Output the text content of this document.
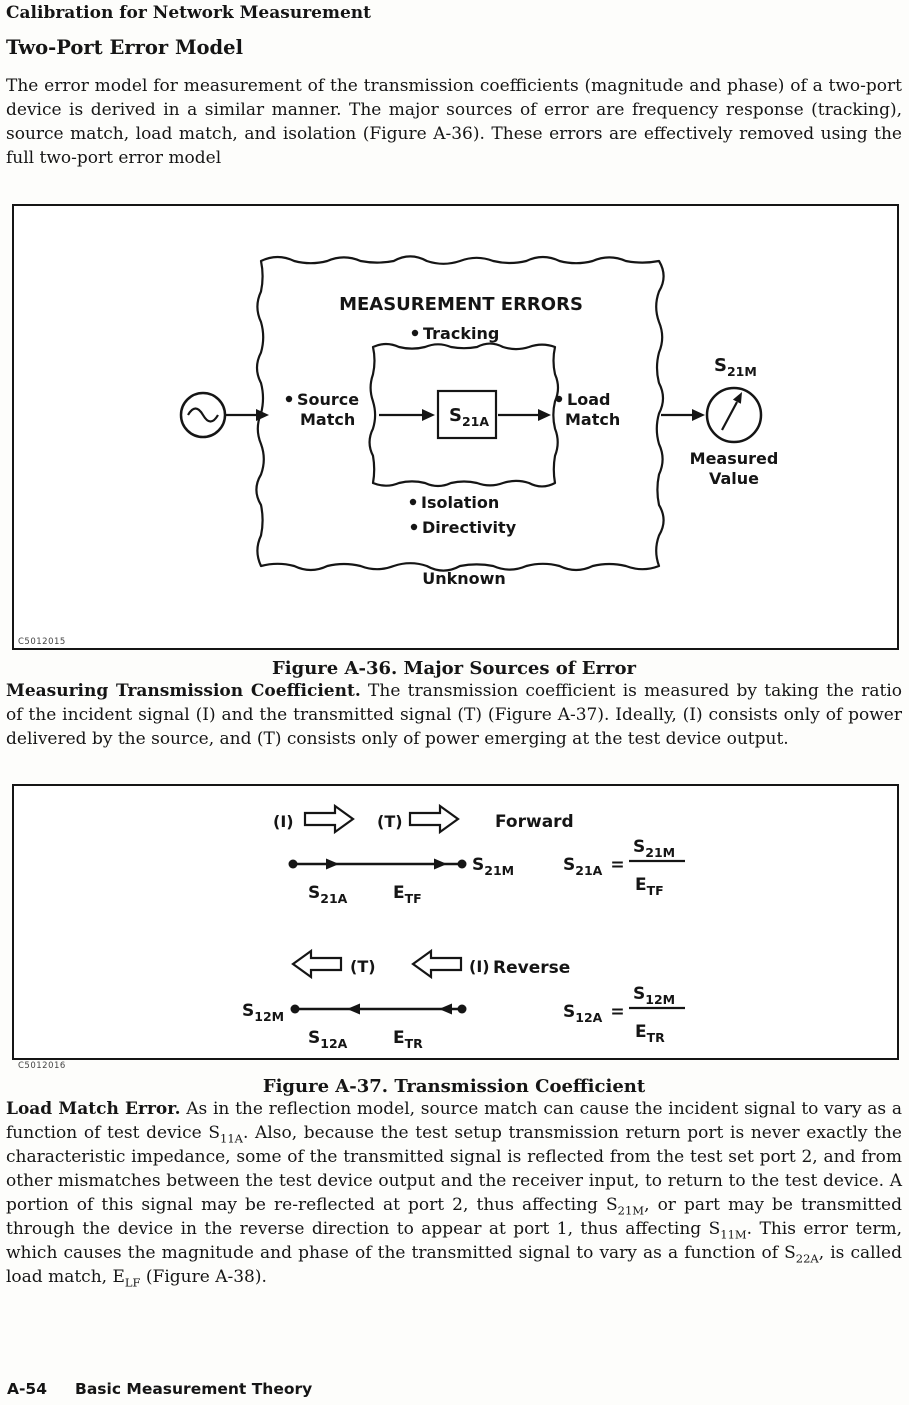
Calibration for Network Measurement
Two-Port Error Model

The error model for measurement of the transmission coefficients (magnitude and phase) of a two-port device is derived in a similar manner. The major sources of error are frequency response (tracking), source match, load match, and isolation (Figure A-36). These errors are effectively removed using the full two-port error model

$S_{21A}$
MEASUREMENT ERRORS
Tracking
Source
Match
Load
Match
Isolation
Directivity
Unknown
$S_{21M}$
Measured
Value
C5012015
Figure A-36. Major Sources of Error

Measuring Transmission Coefficient. The transmission coefficient is measured by taking the ratio of the incident signal (I) and the transmitted signal (T) (Figure A-37). Ideally, (I) consists only of power delivered by the source, and (T) consists only of power emerging at the test device output.

(I)	(T)	Forward
$S_{21M}$
$S_{21A}$	$E_{TF}$
$S_{21A}$ =
$S_{21M}$
$E_{TF}$
(T)	(I) Reverse
$S_{12M}$
$S_{12A}$	$E_{TR}$
$S_{12A}$ =
$S_{12M}$
$E_{TR}$
C5012016
Figure A-37. Transmission Coefficient

Load Match Error. As in the reflection model, source match can cause the incident signal to vary as a function of test device $S_{11A}$. Also, because the test setup transmission return port is never exactly the characteristic impedance, some of the transmitted signal is reflected from the test set port 2, and from other mismatches between the test device output and the receiver input, to return to the test device. A portion of this signal may be re-reflected at port 2, thus affecting $S_{21M}$, or part may be transmitted through the device in the reverse direction to appear at port 1, thus affecting $S_{11M}$. This error term, which causes the magnitude and phase of the transmitted signal to vary as a function of $S_{22A}$, is called load match, $E_{LF}$ (Figure A-38).

A-54 Basic Measurement Theory
